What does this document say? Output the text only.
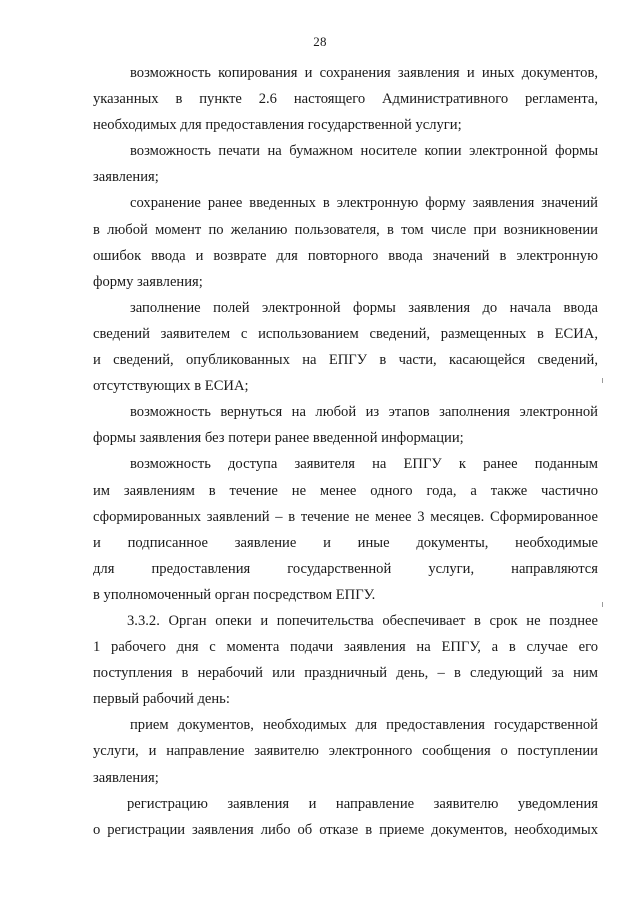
28
возможность копирования и сохранения заявления и иных документов,
указанных в пункте 2.6 настоящего Административного регламента,
необходимых для предоставления государственной услуги;
возможность печати на бумажном носителе копии электронной формы
заявления;
сохранение ранее введенных в электронную форму заявления значений
в любой момент по желанию пользователя, в том числе при возникновении
ошибок ввода и возврате для повторного ввода значений в электронную
форму заявления;
заполнение полей электронной формы заявления до начала ввода
сведений заявителем с использованием сведений, размещенных в ЕСИА,
и сведений, опубликованных на ЕПГУ в части, касающейся сведений,
отсутствующих в ЕСИА;
возможность вернуться на любой из этапов заполнения электронной
формы заявления без потери ранее введенной информации;
возможность доступа заявителя на ЕПГУ к ранее поданным
им заявлениям в течение не менее одного года, а также частично
сформированных заявлений – в течение не менее 3 месяцев. Сформированное
и подписанное заявление и иные документы, необходимые
для предоставления государственной услуги, направляются
в уполномоченный орган посредством ЕПГУ.
3.3.2. Орган опеки и попечительства обеспечивает в срок не позднее
1 рабочего дня с момента подачи заявления на ЕПГУ, а в случае его
поступления в нерабочий или праздничный день, – в следующий за ним
первый рабочий день:
прием документов, необходимых для предоставления государственной
услуги, и направление заявителю электронного сообщения о поступлении
заявления;
регистрацию заявления и направление заявителю уведомления
о регистрации заявления либо об отказе в приеме документов, необходимых
